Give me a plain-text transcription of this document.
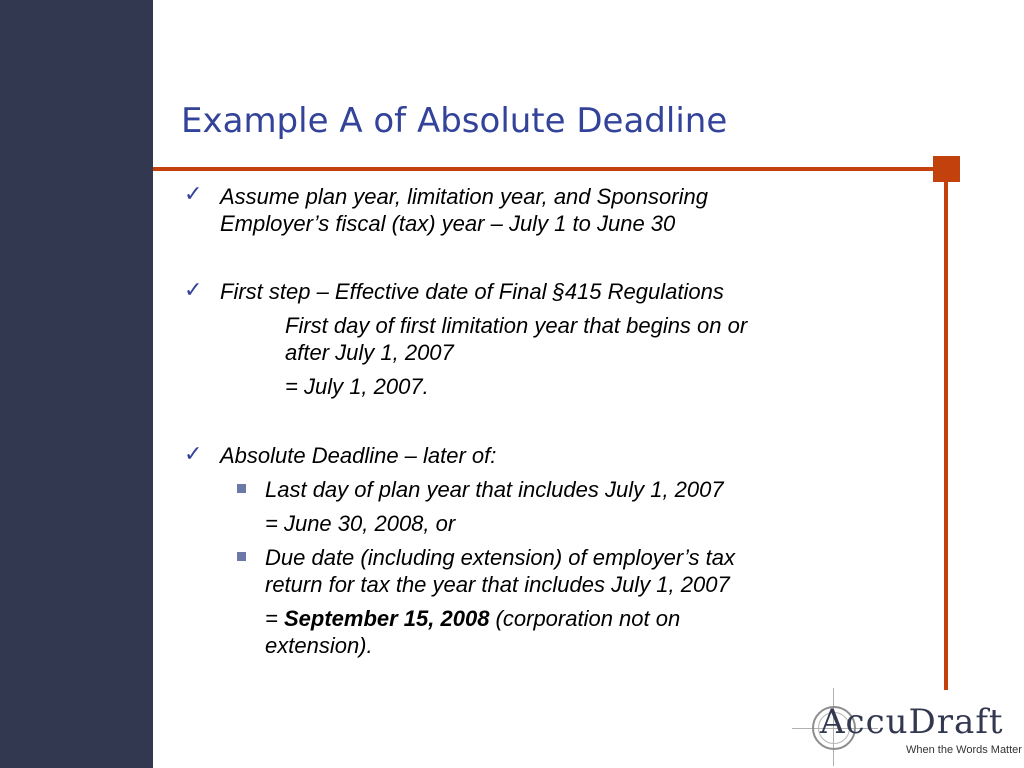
Example A of Absolute Deadline
✓ Assume plan year, limitation year, and Sponsoring

Employer’s fiscal (tax) year – July 1 to June 30

✓ First step – Effective date of Final §415 Regulations

First day of first limitation year that begins on or

after July 1, 2007

= July 1, 2007.

✓ Absolute Deadline – later of:

Last day of plan year that includes July 1, 2007

= June 30, 2008, or

Due date (including extension) of employer’s tax

return for tax the year that includes July 1, 2007

= September 15, 2008 (corporation not on

extension).

AccuDraft
When the Words Matter
